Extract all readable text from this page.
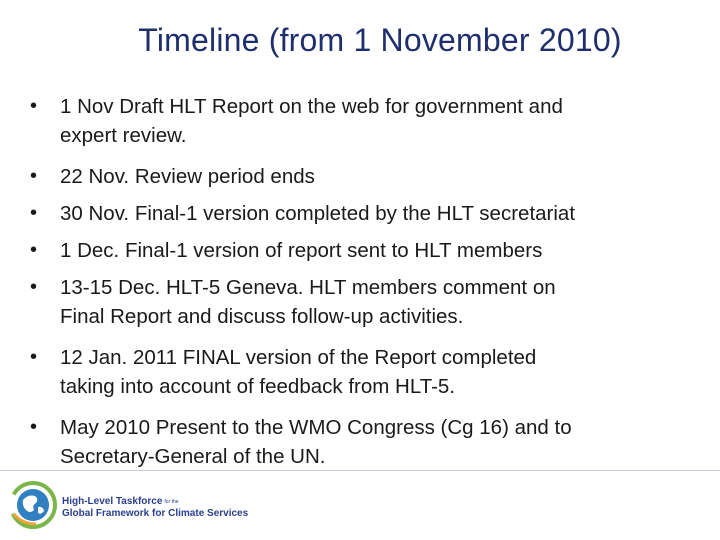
Timeline (from 1 November 2010)
•	1 Nov Draft HLT Report on the web for government and
expert review.
•	22 Nov. Review period ends
•	30 Nov. Final-1 version completed by the HLT secretariat
•	1 Dec. Final-1 version of report sent to HLT members
•	13-15 Dec. HLT-5 Geneva. HLT members comment on
Final Report and discuss follow-up activities.
•	12 Jan. 2011 FINAL version of the Report completed
taking into account of feedback from HLT-5.
•	May 2010 Present to the WMO Congress (Cg 16) and to
Secretary-General of the UN.
High-Level Taskforce $^{for the}$
Global Framework for Climate Services
